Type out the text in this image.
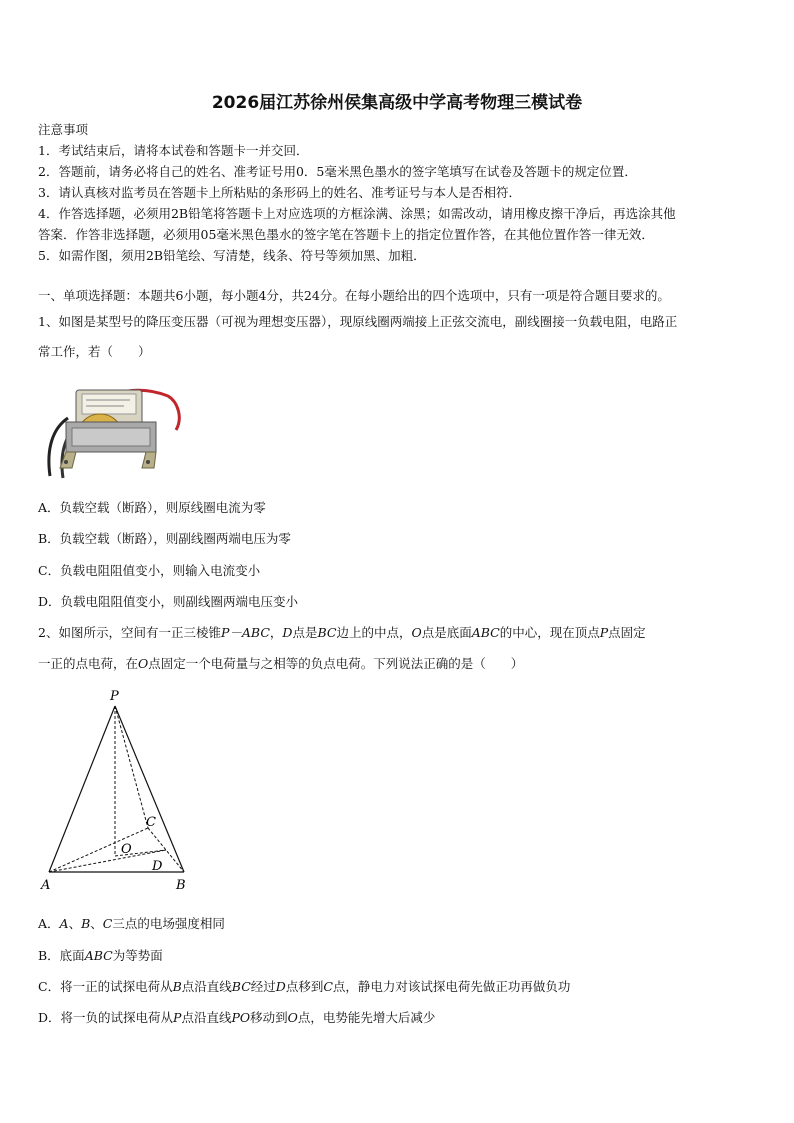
2026届江苏徐州侯集高级中学高考物理三模试卷
注意事项
1．考试结束后，请将本试卷和答题卡一并交回．
2．答题前，请务必将自己的姓名、准考证号用0．5毫米黑色墨水的签字笔填写在试卷及答题卡的规定位置．
3．请认真核对监考员在答题卡上所粘贴的条形码上的姓名、准考证号与本人是否相符．
4．作答选择题，必须用2B铅笔将答题卡上对应选项的方框涂满、涂黑；如需改动，请用橡皮擦干净后，再选涂其他
答案．作答非选择题，必须用05毫米黑色墨水的签字笔在答题卡上的指定位置作答，在其他位置作答一律无效．
5．如需作图，须用2B铅笔绘、写清楚，线条、符号等须加黑、加粗．
一、单项选择题：本题共6小题，每小题4分，共24分。在每小题给出的四个选项中，只有一项是符合题目要求的。
1、如图是某型号的降压变压器（可视为理想变压器），现原线圈两端接上正弦交流电，副线圈接一负载电阻，电路正
常工作，若（　　）
A．负载空载（断路），则原线圈电流为零
B．负载空载（断路），则副线圈两端电压为零
C．负载电阻阻值变小，则输入电流变小
D．负载电阻阻值变小，则副线圈两端电压变小
2、如图所示，空间有一正三棱锥P－ABC，D点是BC边上的中点，O点是底面ABC的中心，现在顶点P点固定
一正的点电荷，在O点固定一个电荷量与之相等的负点电荷。下列说法正确的是（　　）
P
A	B
C
O
D
A．A、B、C三点的电场强度相同
B．底面ABC为等势面
C．将一正的试探电荷从B点沿直线BC经过D点移到C点，静电力对该试探电荷先做正功再做负功
D．将一负的试探电荷从P点沿直线PO移动到O点，电势能先增大后减少
